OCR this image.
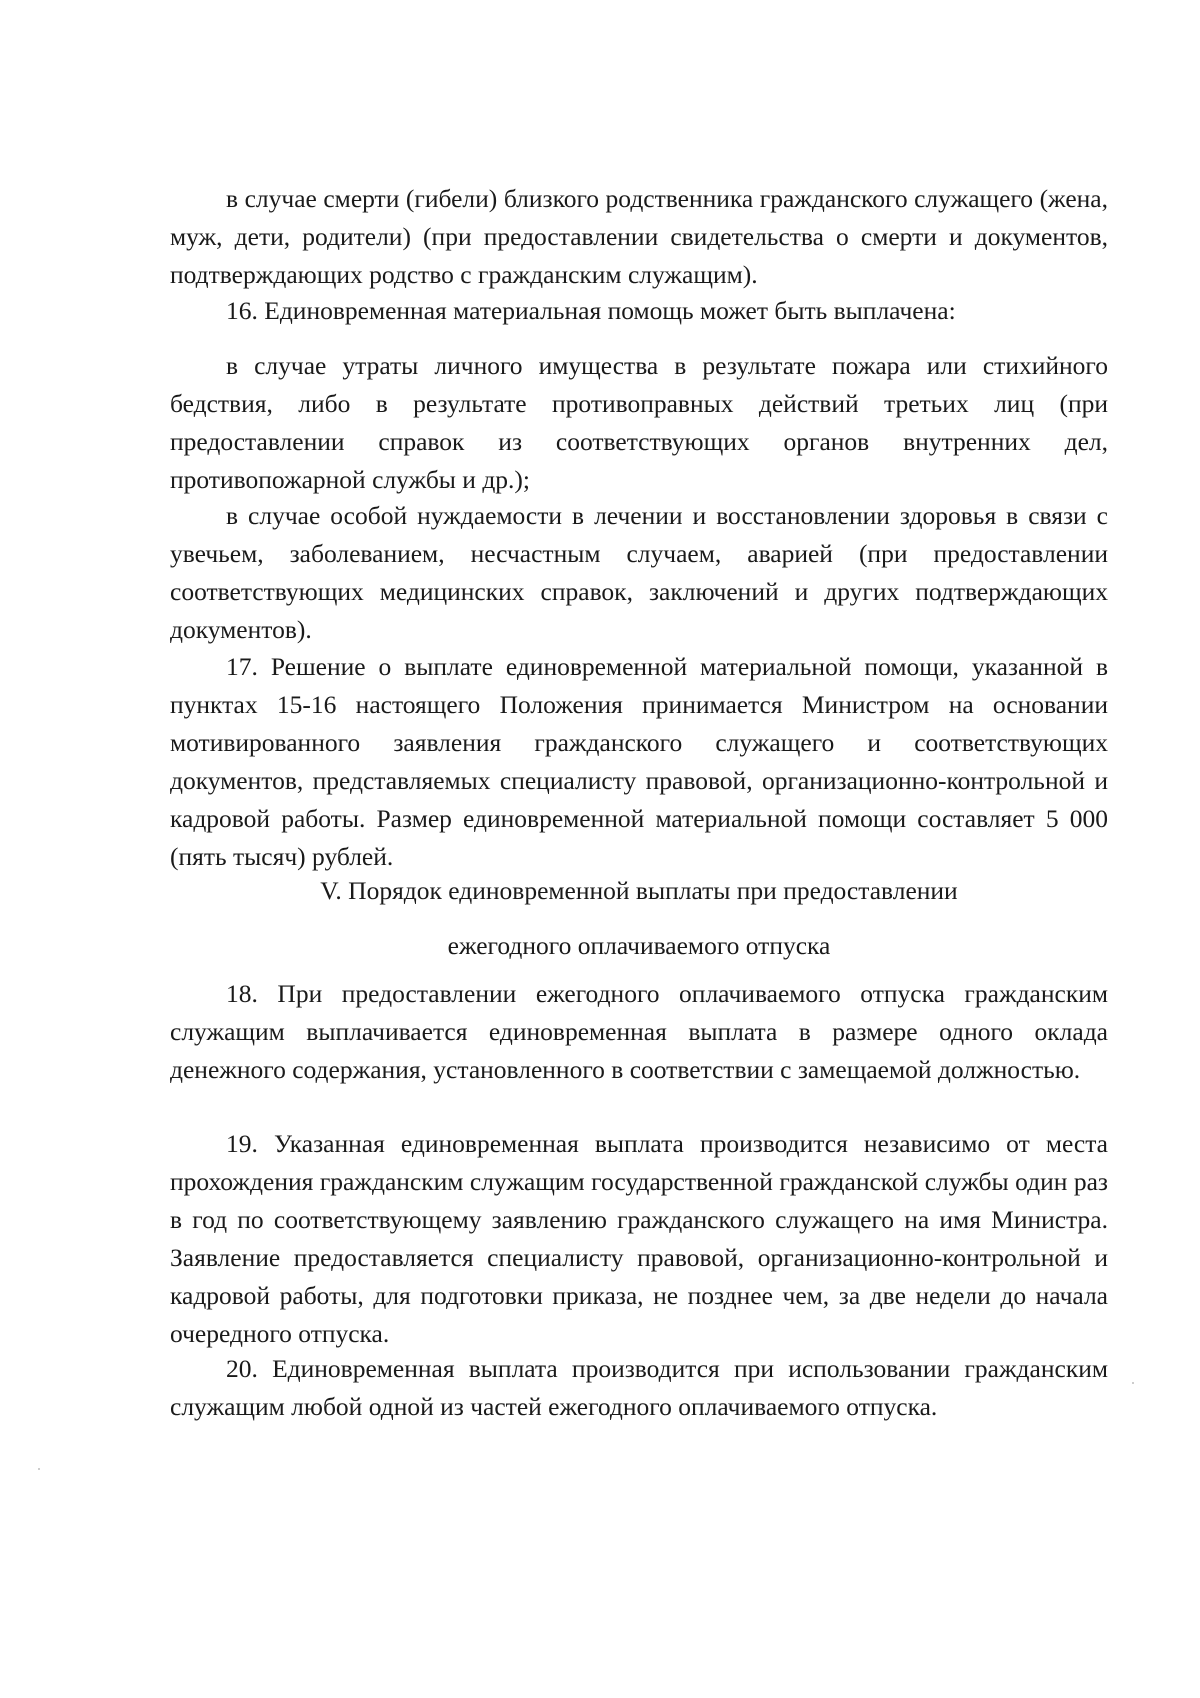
в случае смерти (гибели) близкого родственника гражданского служащего (жена, муж, дети, родители) (при предоставлении свидетельства о смерти и документов, подтверждающих родство с гражданским служащим).

16. Единовременная материальная помощь может быть выплачена:

в случае утраты личного имущества в результате пожара или стихийного бедствия, либо в результате противоправных действий третьих лиц (при предоставлении справок из соответствующих органов внутренних дел, противопожарной службы и др.);

в случае особой нуждаемости в лечении и восстановлении здоровья в связи с увечьем, заболеванием, несчастным случаем, аварией (при предоставлении соответствующих медицинских справок, заключений и других подтверждающих документов).

17. Решение о выплате единовременной материальной помощи, указанной в пунктах 15-16 настоящего Положения принимается Министром на основании мотивированного заявления гражданского служащего и соответствующих документов, представляемых специалисту правовой, организационно-контрольной и кадровой работы. Размер единовременной материальной помощи составляет 5 000 (пять тысяч) рублей.

V. Порядок единовременной выплаты при предоставлении

ежегодного оплачиваемого отпуска

18. При предоставлении ежегодного оплачиваемого отпуска гражданским служащим выплачивается единовременная выплата в размере одного оклада денежного содержания, установленного в соответствии с замещаемой должностью.

19. Указанная единовременная выплата производится независимо от места прохождения гражданским служащим государственной гражданской службы один раз в год по соответствующему заявлению гражданского служащего на имя Министра. Заявление предоставляется специалисту правовой, организационно-контрольной и кадровой работы, для подготовки приказа, не позднее чем, за две недели до начала очередного отпуска.

20. Единовременная выплата производится при использовании гражданским служащим любой одной из частей ежегодного оплачиваемого отпуска.
